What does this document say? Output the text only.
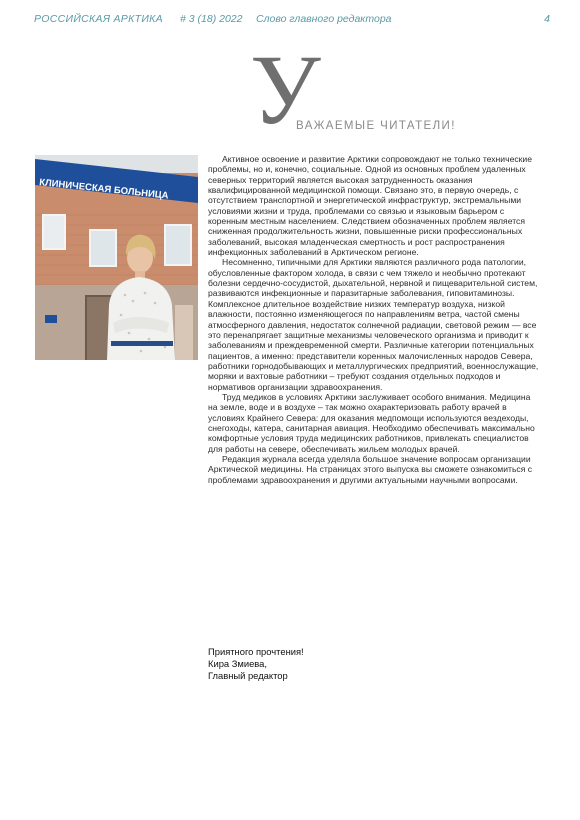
РОССИЙСКАЯ АРКТИКА # 3 (18) 2022 Слово главного редактора	4
У
ВАЖАЕМЫЕ ЧИТАТЕЛИ!
КЛИНИЧЕСКАЯ БОЛЬНИЦА

Активное освоение и развитие Арктики сопровождают не только технические проблемы, но и, конечно, социальные. Одной из основных проблем удаленных северных территорий является высокая затрудненность оказания квалифицированной медицинской помощи. Связано это, в первую очередь, с отсутствием транспортной и энергетической инфраструктур, экстремальными условиями жизни и труда, проблемами со связью и языковым барьером с коренным местным населением. Следствием обозначенных проблем является сниженная продолжительность жизни, повышенные риски профессиональных заболеваний, высокая младенческая смертность и рост распространения инфекционных заболеваний в Арктическом регионе.

Несомненно, типичными для Арктики являются различного рода патологии, обусловленные фактором холода, в связи с чем тяжело и необычно протекают болезни сердечно-сосудистой, дыхательной, нервной и пищеварительной систем, развиваются инфекционные и паразитарные заболевания, гиповитаминозы. Комплексное длительное воздействие низких температур воздуха, низкой влажности, постоянно изменяющегося по направлениям ветра, частой смены атмосферного давления, недостаток солнечной радиации, световой режим — все это перенапрягает защитные механизмы человеческого организма и приводит к заболеваниям и преждевременной смерти. Различные категории потенциальных пациентов, а именно: представители коренных малочисленных народов Севера, работники горнодобывающих и металлургических предприятий, военнослужащие, моряки и вахтовые работники – требуют создания отдельных подходов и нормативов организации здравоохранения.

Труд медиков в условиях Арктики заслуживает особого внимания. Медицина на земле, воде и в воздухе – так можно охарактеризовать работу врачей в условиях Крайнего Севера: для оказания медпомощи используются вездеходы, снегоходы, катера, санитарная авиация. Необходимо обеспечивать максимально комфортные условия труда медицинских работников, привлекать специалистов для работы на севере, обеспечивать жильем молодых врачей.

Редакция журнала всегда уделяла большое значение вопросам организации Арктической медицины. На страницах этого выпуска вы сможете ознакомиться с проблемами здравоохранения и другими актуальными научными вопросами.

Приятного прочтения!
Кира Змиева,
Главный редактор
